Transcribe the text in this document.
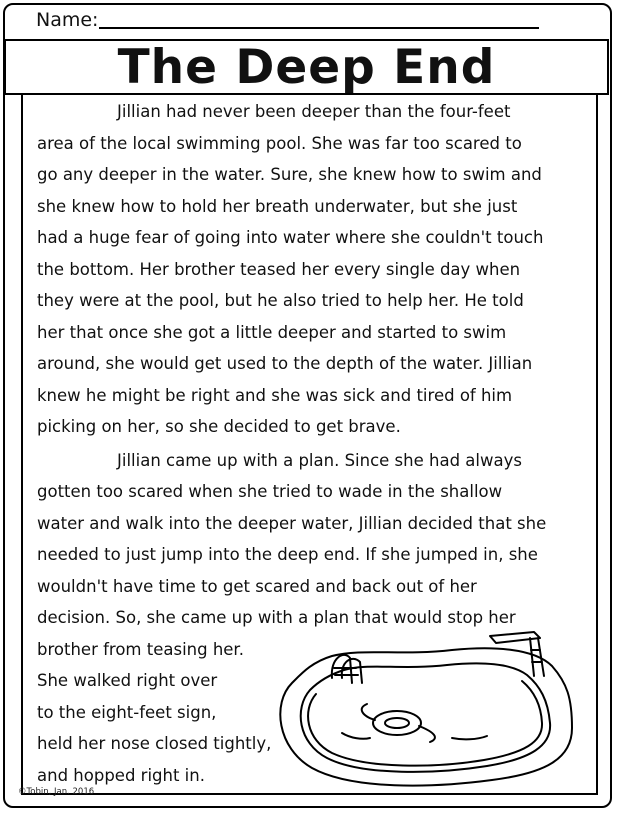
Name:
The Deep End
Jillian had never been deeper than the four-feet
area of the local swimming pool. She was far too scared to
go any deeper in the water. Sure, she knew how to swim and
she knew how to hold her breath underwater, but she just
had a huge fear of going into water where she couldn't touch
the bottom. Her brother teased her every single day when
they were at the pool, but he also tried to help her. He told
her that once she got a little deeper and started to swim
around, she would get used to the depth of the water. Jillian
knew he might be right and she was sick and tired of him
picking on her, so she decided to get brave.
Jillian came up with a plan. Since she had always
gotten too scared when she tried to wade in the shallow
water and walk into the deeper water, Jillian decided that she
needed to just jump into the deep end. If she jumped in, she
wouldn't have time to get scared and back out of her
decision. So, she came up with a plan that would stop her
brother from teasing her.
She walked right over
to the eight-feet sign,
held her nose closed tightly,
and hopped right in.
©Tobin, Jan. 2016
